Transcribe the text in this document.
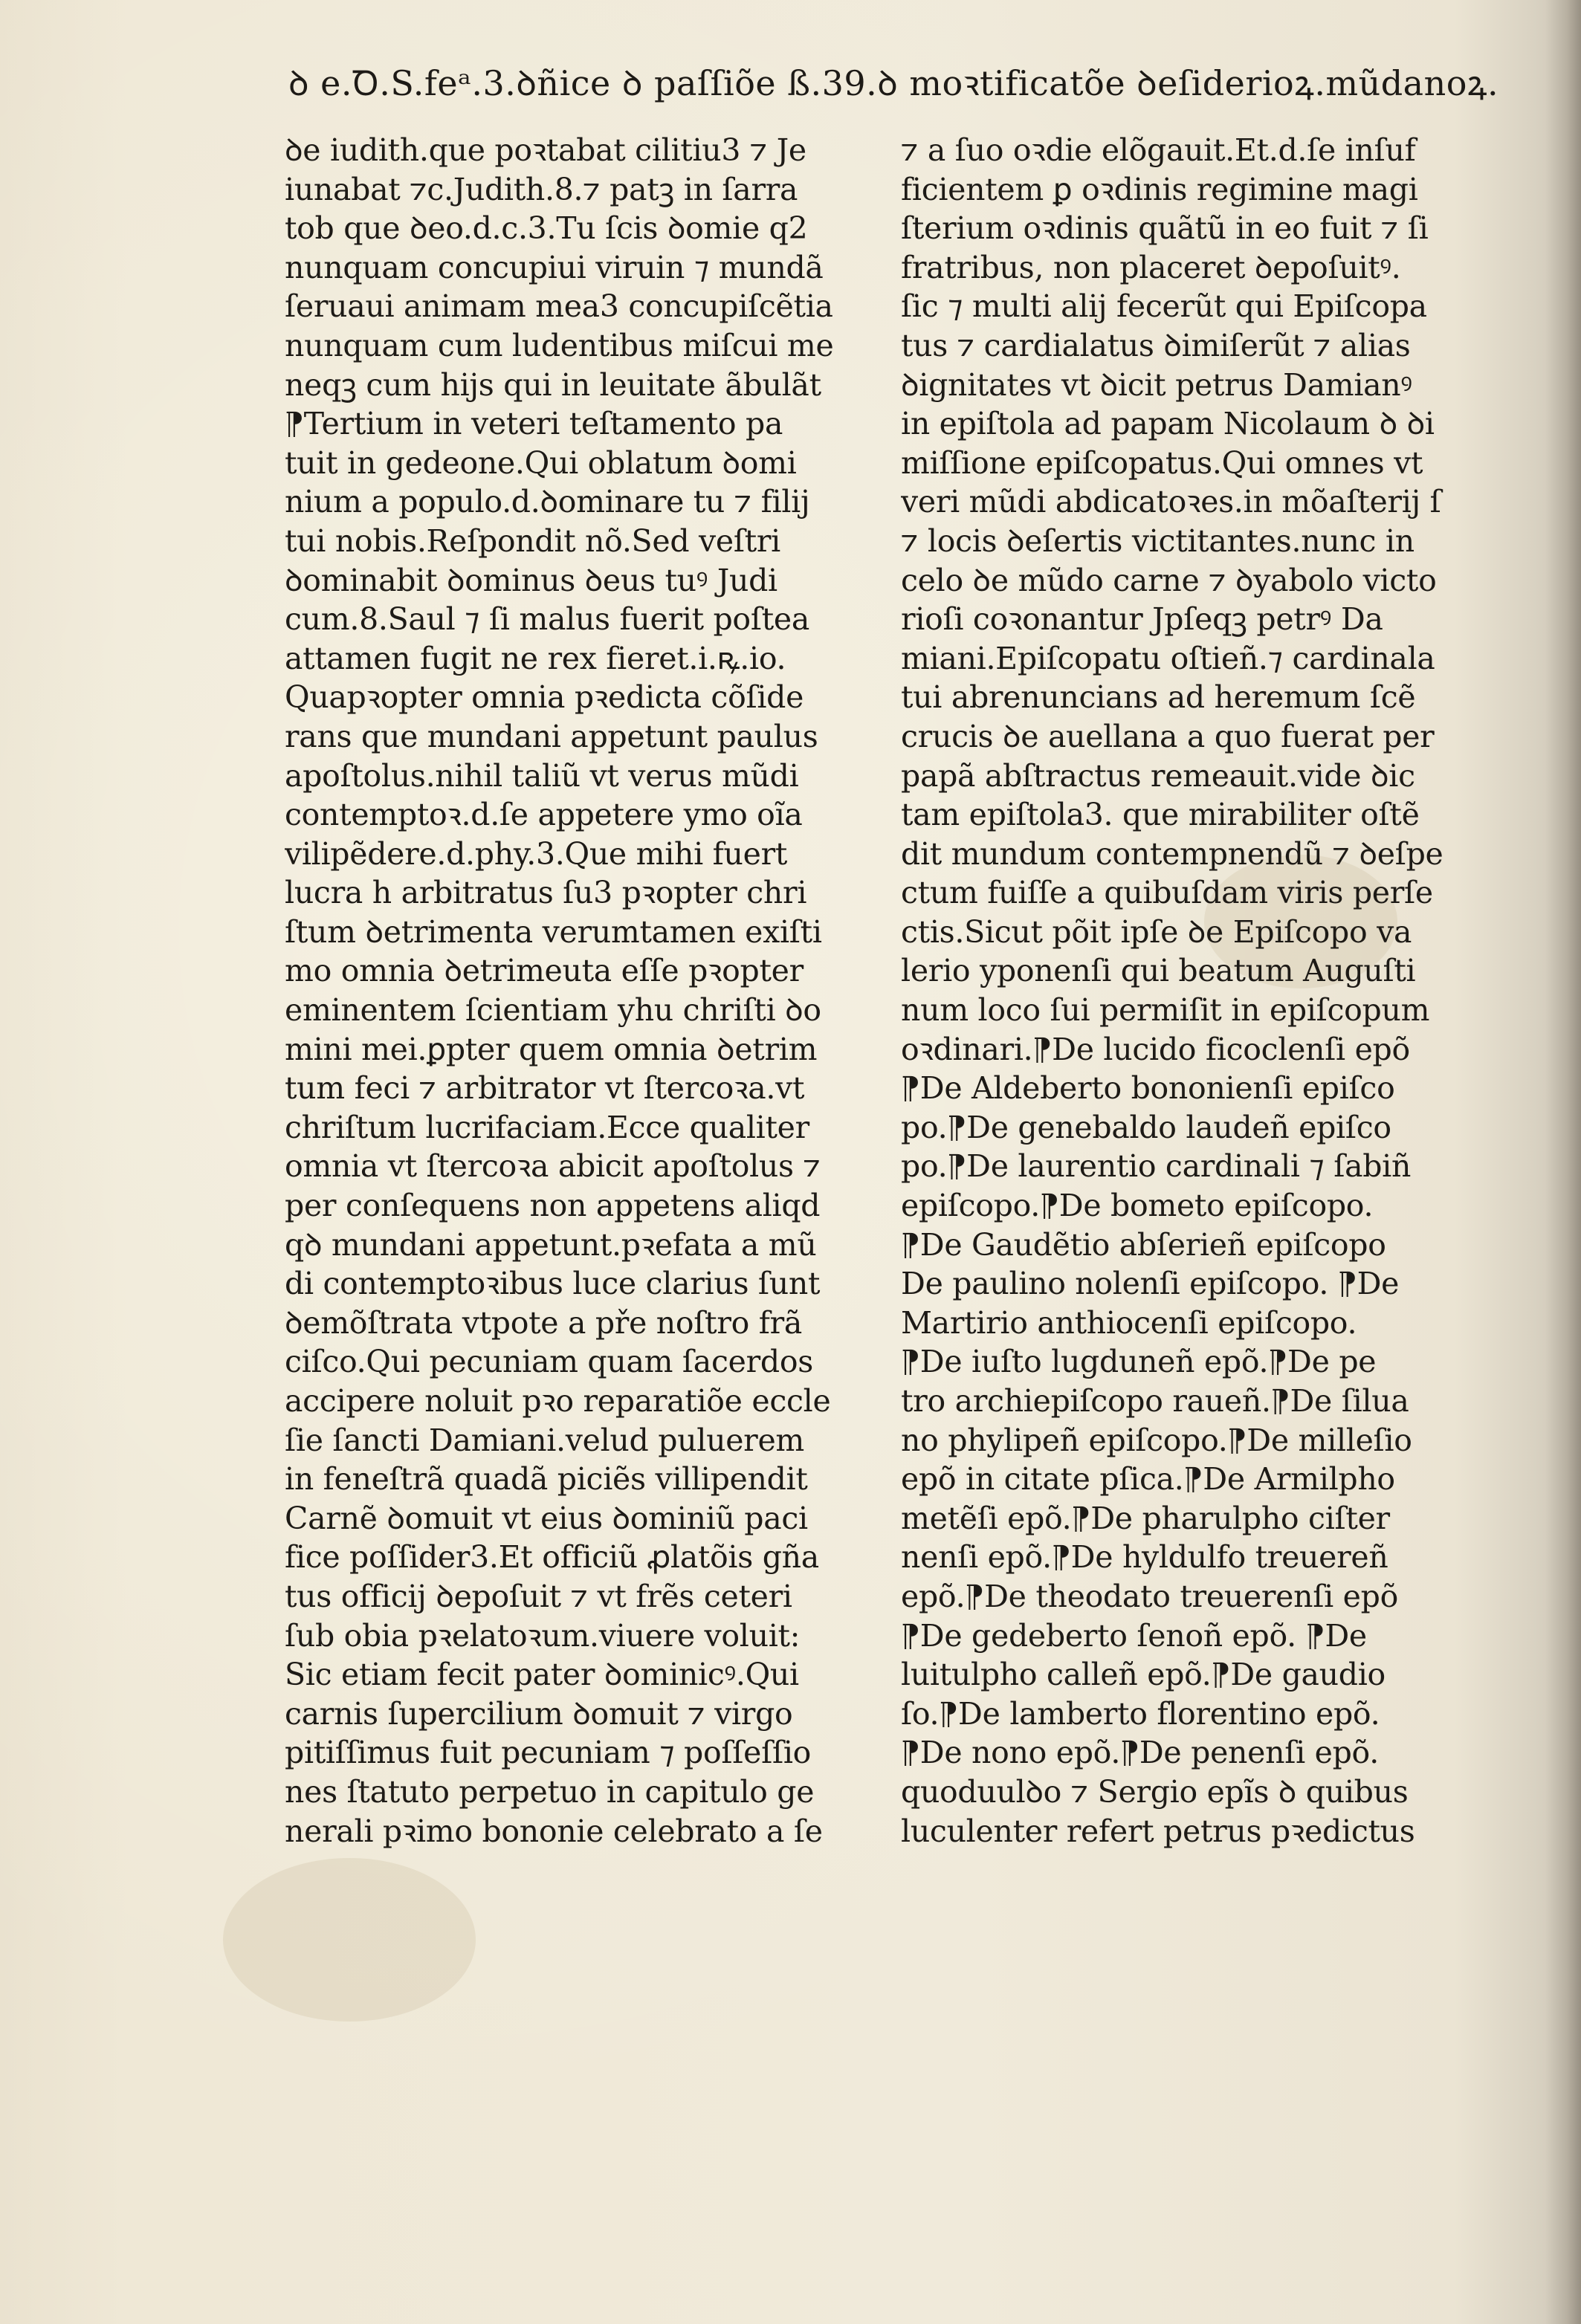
ꝺ e.Ꝺ.S.feᵃ.3.ꝺñice ꝺ paſſiõe ß.39.ꝺ moꝛtificatõe ꝺeſiderioꝝ.mũdanoꝝ.
ꝺe iudith.que poꝛtabat cilitiu3 ⁊ Je
iunabat ⁊c.Judith.8.⁊ patꝫ in ſarra
tob que ꝺeo.d.c.3.Tu ſcis ꝺomie q2
nunquam concupiui viruin ⁊ mundã
ſeruaui animam mea3 concupiſcẽtia
nunquam cum ludentibus miſcui me
neqꝫ cum hijs qui in leuitate ãbulãt
⁋Tertium in veteri teſtamento pa
tuit in gedeone.Qui oblatum ꝺomi
nium a populo.d.ꝺominare tu ⁊ filij
tui nobis.Reſpondit nõ.Sed veſtri
ꝺominabit ꝺominus ꝺeus tuꝰ Judi
cum.8.Saul ⁊ ſi malus fuerit poſtea
attamen fugit ne rex fieret.i.ꝶ.io.
Quapꝛopter omnia pꝛedicta cõſide
rans que mundani appetunt paulus
apoſtolus.nihil taliũ vt verus mũdi
contemptoꝛ.d.ſe appetere ymo oĩa
vilipẽdere.d.phy.3.Que mihi fuert
lucra h arbitratus ſu3 pꝛopter chri
ſtum ꝺetrimenta verumtamen exiſti
mo omnia ꝺetrimeuta eſſe pꝛopter
eminentem ſcientiam yhu chriſti ꝺo
mini mei.ꝑpter quem omnia ꝺetrim
tum feci ⁊ arbitrator vt ſtercoꝛa.vt
chriſtum lucrifaciam.Ecce qualiter
omnia vt ſtercoꝛa abicit apoſtolus ⁊
per conſequens non appetens aliqd
qꝺ mundani appetunt.pꝛefata a mũ
di contemptoꝛibus luce clarius ſunt
ꝺemõſtrata vtpote a pře noſtro frã
ciſco.Qui pecuniam quam ſacerdos
accipere noluit pꝛo reparatiõe eccle
ſie ſancti Damiani.velud puluerem
in feneſtrã quadã piciẽs villipendit
Carnẽ ꝺomuit vt eius ꝺominiũ paci
fice poſſider3.Et officiũ ꝓlatõis gña
tus officij ꝺepoſuit ⁊ vt frẽs ceteri
ſub obia pꝛelatoꝛum.viuere voluit:
Sic etiam fecit pater ꝺominicꝰ.Qui
carnis ſupercilium ꝺomuit ⁊ virgo
pitiſſimus fuit pecuniam ⁊ poſſeſſio
nes ſtatuto perpetuo in capitulo ge
nerali pꝛimo bononie celebrato a ſe
⁊ a ſuo oꝛdie elõgauit.Et.d.ſe inſuf
ficientem ꝑ oꝛdinis regimine magi
ſterium oꝛdinis quãtũ in eo fuit ⁊ ſi
fratribus, non placeret ꝺepoſuitꝰ.
ſic ⁊ multi alij fecerũt qui Epiſcopa
tus ⁊ cardialatus ꝺimiſerũt ⁊ alias
ꝺignitates vt ꝺicit petrus Damianꝰ
in epiſtola ad papam Nicolaum ꝺ ꝺi
miſſione epiſcopatus.Qui omnes vt
veri mũdi abdicatoꝛes.in mõaſterij ſ
⁊ locis ꝺeſertis victitantes.nunc in
celo ꝺe mũdo carne ⁊ ꝺyabolo victo
rioſi coꝛonantur Jpſeqꝫ petrꝰ Da
miani.Epiſcopatu oſtieñ.⁊ cardinala
tui abrenuncians ad heremum ſcẽ
crucis ꝺe auellana a quo fuerat per
papã abſtractus remeauit.vide ꝺic
tam epiſtola3. que mirabiliter oſtẽ
dit mundum contempnendũ ⁊ ꝺeſpe
ctum fuiſſe a quibuſdam viris perſe
ctis.Sicut põit ipſe ꝺe Epiſcopo va
lerio yponenſi qui beatum Auguſti
num loco ſui permiſit in epiſcopum
oꝛdinari.⁋De lucido ficoclenſi epõ
⁋De Aldeberto bononienſi epiſco
po.⁋De genebaldo laudeñ epiſco
po.⁋De laurentio cardinali ⁊ ſabiñ
epiſcopo.⁋De bometo epiſcopo.
⁋De Gaudẽtio abſerieñ epiſcopo
De paulino nolenſi epiſcopo. ⁋De
Martirio anthiocenſi epiſcopo.
⁋De iuſto lugduneñ epõ.⁋De pe
tro archiepiſcopo raueñ.⁋De ſilua
no phylipeñ epiſcopo.⁋De milleſio
epõ in citate pſica.⁋De Armilpho
metẽſi epõ.⁋De pharulpho ciſter
nenſi epõ.⁋De hyldulfo treuereñ
epõ.⁋De theodato treuerenſi epõ
⁋De gedeberto ſenoñ epõ. ⁋De
luitulpho calleñ epõ.⁋De gaudio
ſo.⁋De lamberto florentino epõ.
⁋De nono epõ.⁋De penenſi epõ.
quoduulꝺo ⁊ Sergio epĩs ꝺ quibus
luculenter refert petrus pꝛedictus
